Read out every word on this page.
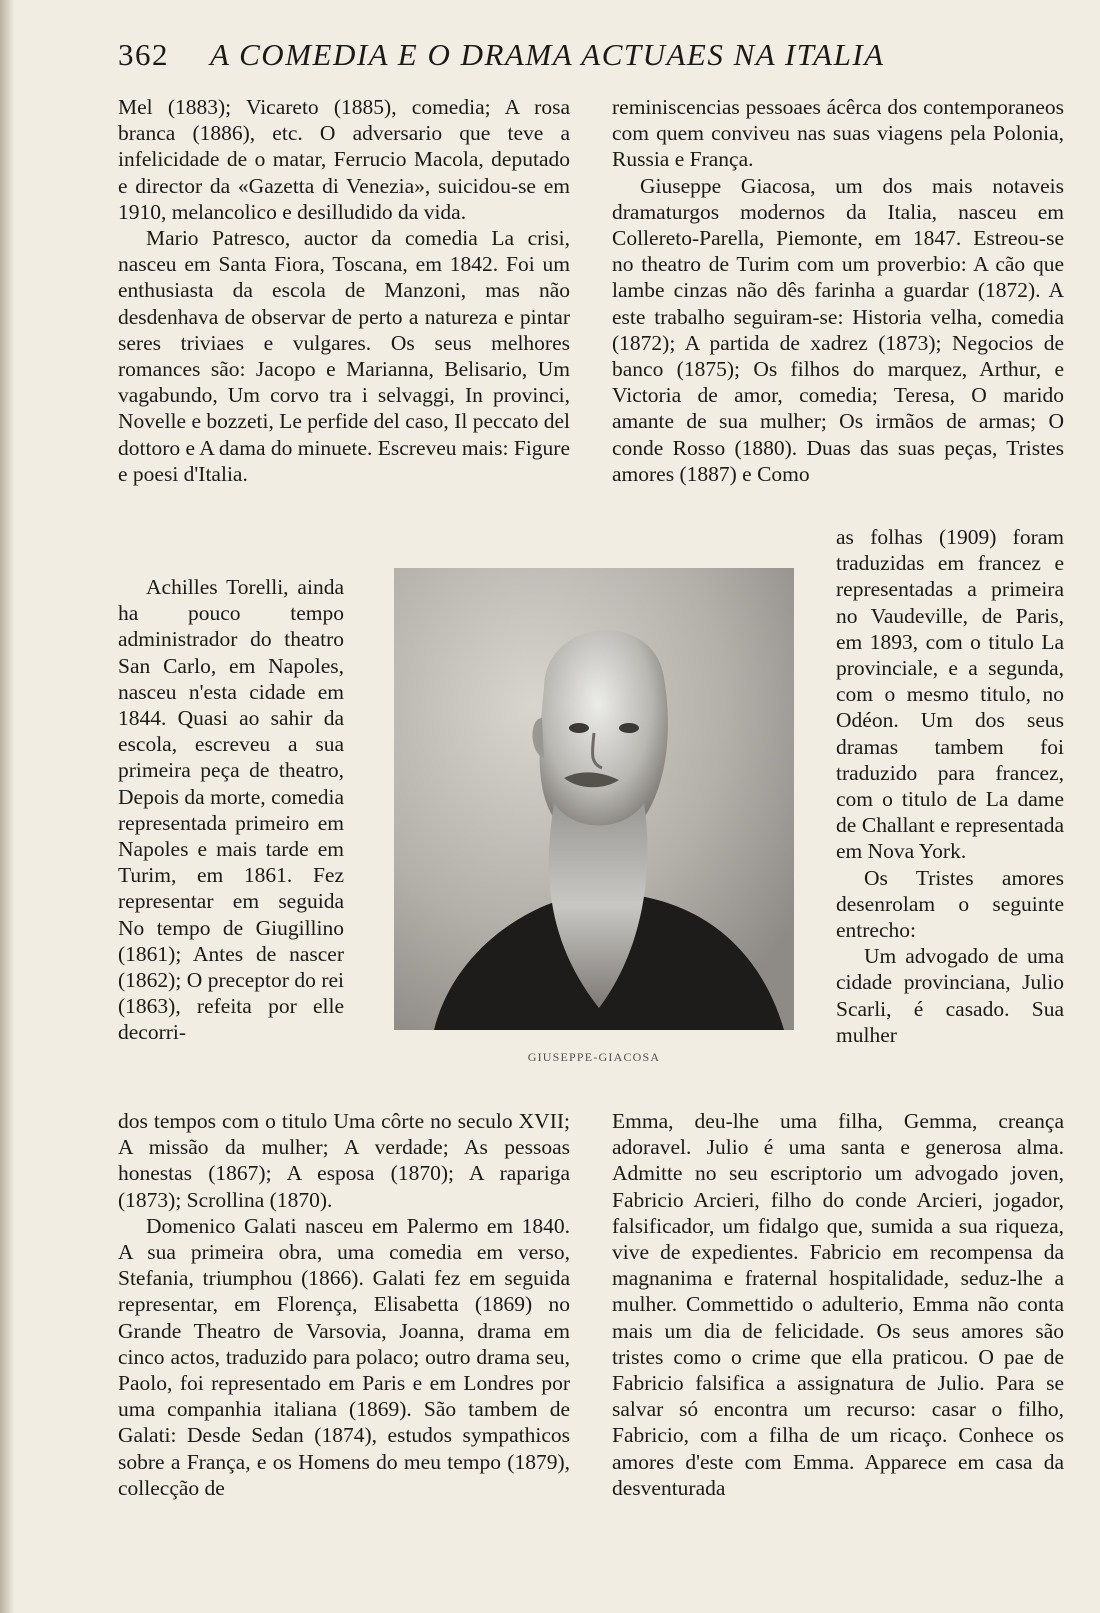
362 A COMEDIA E O DRAMA ACTUAES NA ITALIA

Mel (1883); Vicareto (1885), comedia; A rosa branca (1886), etc. O adversario que teve a infelicidade de o matar, Ferrucio Macola, deputado e director da «Gazetta di Venezia», suicidou-se em 1910, melancolico e desilludido da vida.

Mario Patresco, auctor da comedia La crisi, nasceu em Santa Fiora, Toscana, em 1842. Foi um enthusiasta da escola de Manzoni, mas não desdenhava de observar de perto a natureza e pintar seres triviaes e vulgares. Os seus melhores romances são: Jacopo e Marianna, Belisario, Um vagabundo, Um corvo tra i selvaggi, In provinci, Novelle e bozzeti, Le perfide del caso, Il peccato del dottoro e A dama do minuete. Escreveu mais: Figure e poesi d'Italia.

Achilles Torelli, ainda ha pouco tempo administrador do theatro San Carlo, em Napoles, nasceu n'esta cidade em 1844. Quasi ao sahir da escola, escreveu a sua primeira peça de theatro, Depois da morte, comedia representada primeiro em Napoles e mais tarde em Turim, em 1861. Fez representar em seguida No tempo de Giugillino (1861); Antes de nascer (1862); O preceptor do rei (1863), refeita por elle decorri-

dos tempos com o titulo Uma côrte no seculo XVII; A missão da mulher; A verdade; As pessoas honestas (1867); A esposa (1870); A rapariga (1873); Scrollina (1870).

Domenico Galati nasceu em Palermo em 1840. A sua primeira obra, uma comedia em verso, Stefania, triumphou (1866). Galati fez em seguida representar, em Florença, Elisabetta (1869) no Grande Theatro de Varsovia, Joanna, drama em cinco actos, traduzido para polaco; outro drama seu, Paolo, foi representado em Paris e em Londres por uma companhia italiana (1869). São tambem de Galati: Desde Sedan (1874), estudos sympathicos sobre a França, e os Homens do meu tempo (1879), collecção de

GIUSEPPE-GIACOSA

reminiscencias pessoaes ácêrca dos contemporaneos com quem conviveu nas suas viagens pela Polonia, Russia e França.

Giuseppe Giacosa, um dos mais notaveis dramaturgos modernos da Italia, nasceu em Collereto-Parella, Piemonte, em 1847. Estreou-se no theatro de Turim com um proverbio: A cão que lambe cinzas não dês farinha a guardar (1872). A este trabalho seguiram-se: Historia velha, comedia (1872); A partida de xadrez (1873); Negocios de banco (1875); Os filhos do marquez, Arthur, e Victoria de amor, comedia; Teresa, O marido amante de sua mulher; Os irmãos de armas; O conde Rosso (1880). Duas das suas peças, Tristes amores (1887) e Como

as folhas (1909) foram traduzidas em francez e representadas a primeira no Vaudeville, de Paris, em 1893, com o titulo La provinciale, e a segunda, com o mesmo titulo, no Odéon. Um dos seus dramas tambem foi traduzido para francez, com o titulo de La dame de Challant e representada em Nova York.

Os Tristes amores desenrolam o seguinte entrecho:

Um advogado de uma cidade provinciana, Julio Scarli, é casado. Sua mulher

Emma, deu-lhe uma filha, Gemma, creança adoravel. Julio é uma santa e generosa alma. Admitte no seu escriptorio um advogado joven, Fabricio Arcieri, filho do conde Arcieri, jogador, falsificador, um fidalgo que, sumida a sua riqueza, vive de expedientes. Fabricio em recompensa da magnanima e fraternal hospitalidade, seduz-lhe a mulher. Commettido o adulterio, Emma não conta mais um dia de felicidade. Os seus amores são tristes como o crime que ella praticou. O pae de Fabricio falsifica a assignatura de Julio. Para se salvar só encontra um recurso: casar o filho, Fabricio, com a filha de um ricaço. Conhece os amores d'este com Emma. Apparece em casa da desventurada
